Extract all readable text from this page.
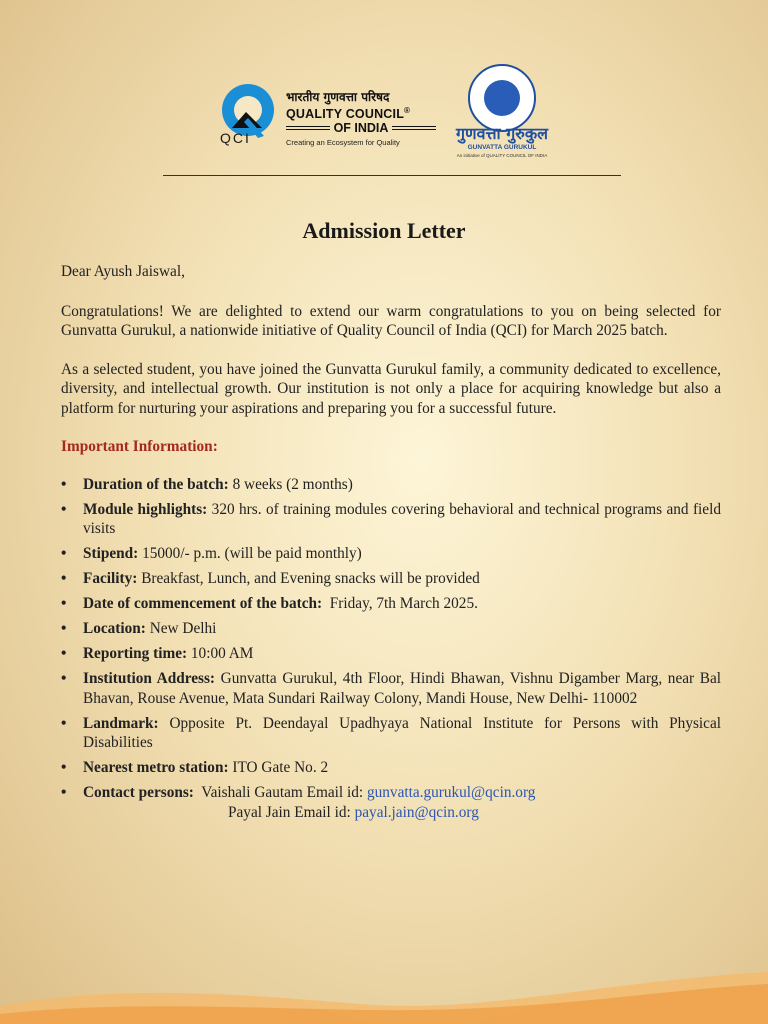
QCI
भारतीय गुणवत्ता परिषद
QUALITY COUNCIL®
OF INDIA
Creating an Ecosystem for Quality	गुणवत्ता गुरुकुल
GUNVATTA GURUKUL
An initiative of QUALITY COUNCIL OF INDIA
Admission Letter

Dear Ayush Jaiswal,

Congratulations! We are delighted to extend our warm congratulations to you on being selected for Gunvatta Gurukul, a nationwide initiative of Quality Council of India (QCI) for March 2025 batch.

As a selected student, you have joined the Gunvatta Gurukul family, a community dedicated to excellence, diversity, and intellectual growth. Our institution is not only a place for acquiring knowledge but also a platform for nurturing your aspirations and preparing you for a successful future.

Important Information:

• Duration of the batch: 8 weeks (2 months)
• Module highlights: 320 hrs. of training modules covering behavioral and technical programs and field visits
• Stipend: 15000/- p.m. (will be paid monthly)
• Facility: Breakfast, Lunch, and Evening snacks will be provided
• Date of commencement of the batch:  Friday, 7th March 2025.
• Location: New Delhi
• Reporting time: 10:00 AM
• Institution Address: Gunvatta Gurukul, 4th Floor, Hindi Bhawan, Vishnu Digamber Marg, near Bal Bhavan, Rouse Avenue, Mata Sundari Railway Colony, Mandi House, New Delhi- 110002
• Landmark: Opposite Pt. Deendayal Upadhyaya National Institute for Persons with Physical Disabilities
• Nearest metro station: ITO Gate No. 2
• Contact persons:  Vaishali Gautam Email id: gunvatta.gurukul@qcin.org
Payal Jain Email id: payal.jain@qcin.org
